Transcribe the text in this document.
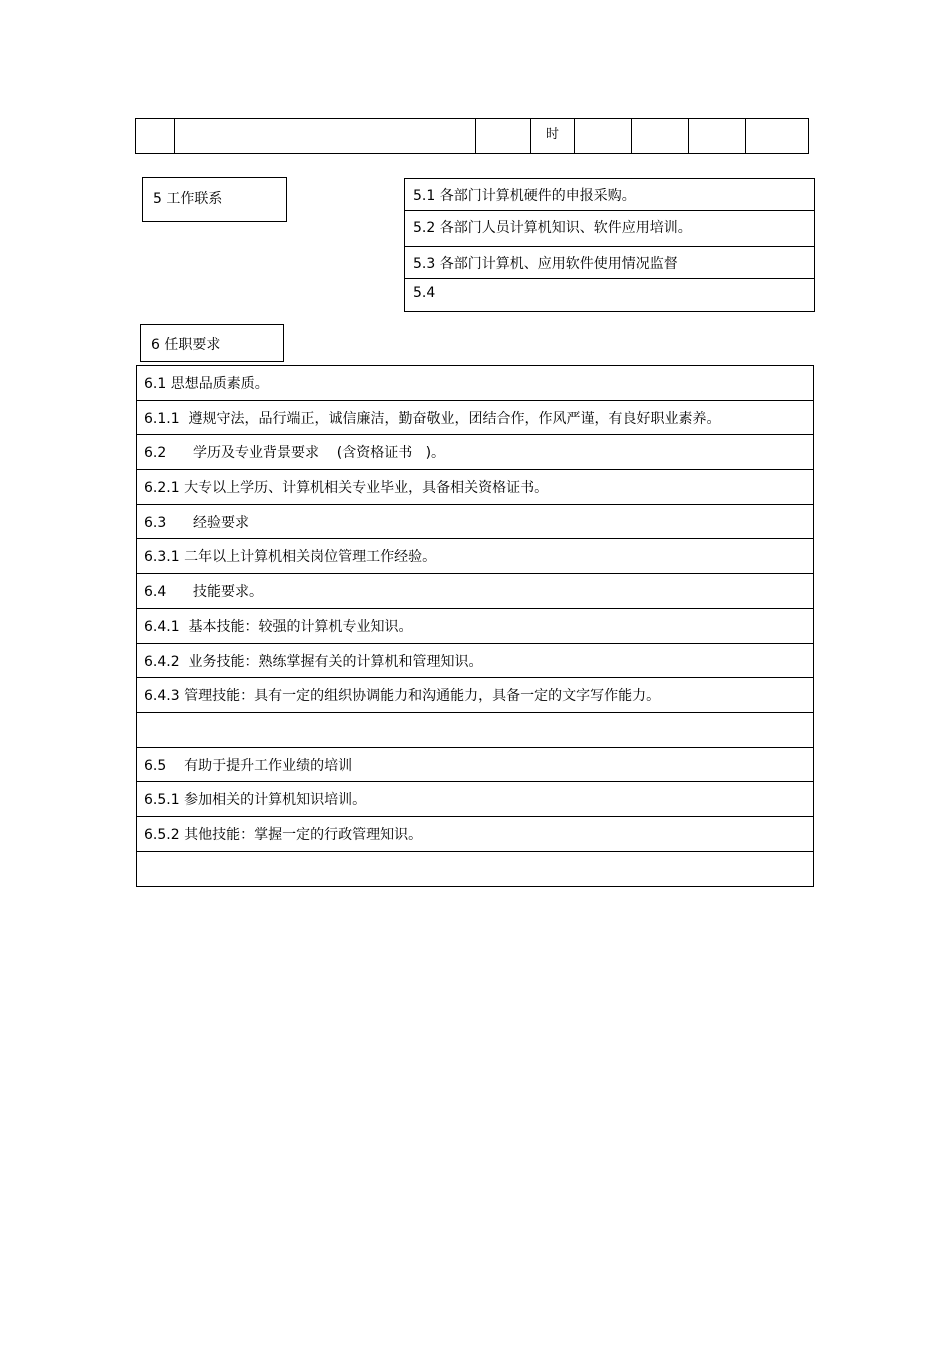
时
5 工作联系	5.1 各部门计算机硬件的申报采购。
5.2 各部门人员计算机知识、软件应用培训。
5.3 各部门计算机、应用软件使用情况监督
5.4
6 任职要求
6.1 思想品质素质。
6.1.1  遵规守法，品行端正，诚信廉洁，勤奋敬业，团结合作，作风严谨，有良好职业素养。
6.2      学历及专业背景要求    (含资格证书   )。
6.2.1 大专以上学历、计算机相关专业毕业，具备相关资格证书。
6.3      经验要求
6.3.1 二年以上计算机相关岗位管理工作经验。
6.4      技能要求。
6.4.1  基本技能：较强的计算机专业知识。
6.4.2  业务技能：熟练掌握有关的计算机和管理知识。
6.4.3 管理技能：具有一定的组织协调能力和沟通能力，具备一定的文字写作能力。
6.5    有助于提升工作业绩的培训
6.5.1 参加相关的计算机知识培训。
6.5.2 其他技能：掌握一定的行政管理知识。
